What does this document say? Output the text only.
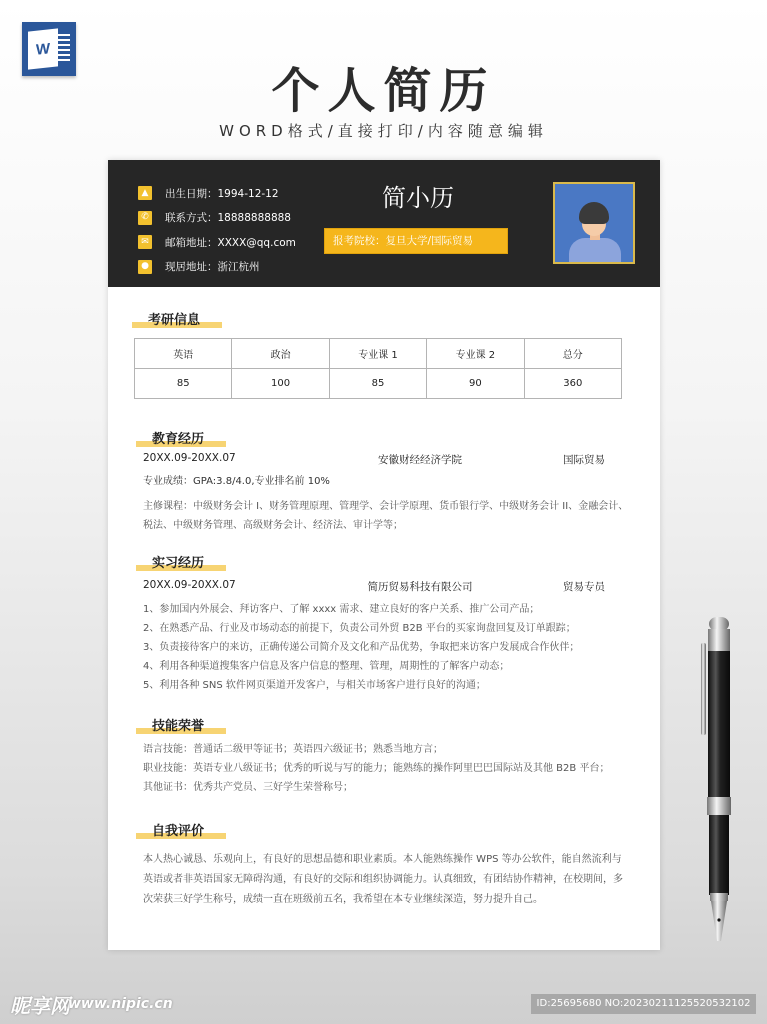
W
个人简历
WORD格式/直接打印/内容随意编辑
▲	出生日期：1994-12-12
✆	联系方式：18888888888
✉	邮箱地址：XXXX@qq.com
● 现居地址：浙江杭州
简小历
报考院校：复旦大学/国际贸易
考研信息
英语	政治	专业课 1	专业课 2	总分
85	100	85	90	360
教育经历
20XX.09-20XX.07	安徽财经经济学院	国际贸易
专业成绩：GPA:3.8/4.0,专业排名前 10%
主修课程：中级财务会计 I、财务管理原理、管理学、会计学原理、货币银行学、中级财务会计 II、金融会计、
税法、中级财务管理、高级财务会计、经济法、审计学等；
实习经历
20XX.09-20XX.07	简历贸易科技有限公司	贸易专员
1、参加国内外展会、拜访客户、了解 xxxx 需求、建立良好的客户关系、推广公司产品；
2、在熟悉产品、行业及市场动态的前提下，负责公司外贸 B2B 平台的买家询盘回复及订单跟踪；
3、负责接待客户的来访，正确传递公司简介及文化和产品优势，争取把来访客户发展成合作伙伴；
4、利用各种渠道搜集客户信息及客户信息的整理、管理，周期性的了解客户动态；
5、利用各种 SNS 软件网页渠道开发客户，与相关市场客户进行良好的沟通；
技能荣誉
语言技能：普通话二级甲等证书；英语四六级证书；熟悉当地方言；
职业技能：英语专业八级证书；优秀的听说与写的能力；能熟练的操作阿里巴巴国际站及其他 B2B 平台；
其他证书：优秀共产党员、三好学生荣誉称号；
自我评价
本人热心诚恳、乐观向上，有良好的思想品德和职业素质。本人能熟练操作 WPS 等办公软件，能自然流利与
英语或者非英语国家无障碍沟通，有良好的交际和组织协调能力。认真细致，有团结协作精神，在校期间，多
次荣获三好学生称号，成绩一直在班级前五名，我希望在本专业继续深造，努力提升自己。
昵享网
www.nipic.cn	ID:25695680 NO:20230211125520532102
